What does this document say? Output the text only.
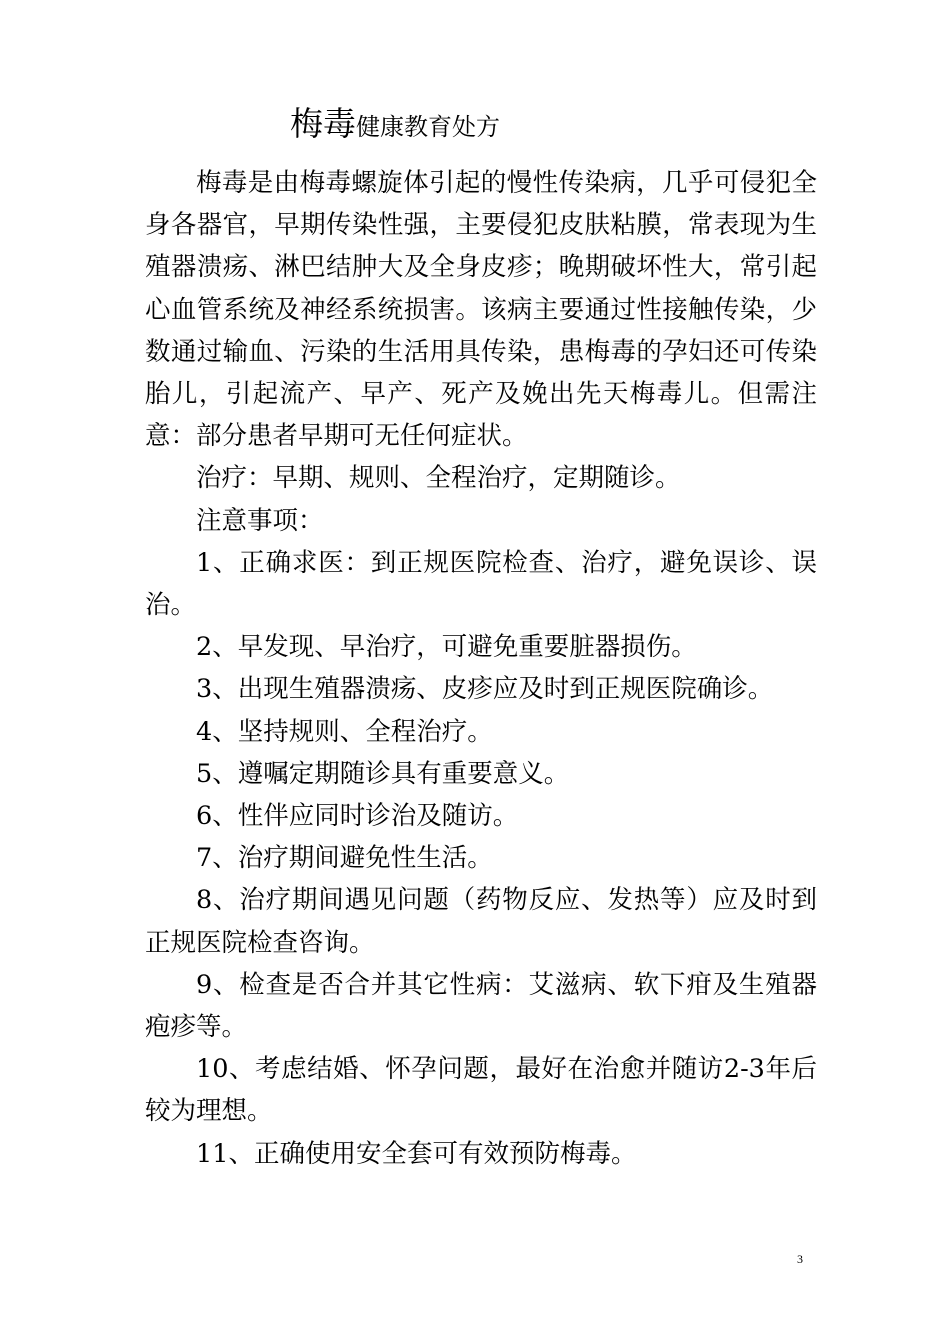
梅毒健康教育处方

梅毒是由梅毒螺旋体引起的慢性传染病，几乎可侵犯全身各器官，早期传染性强，主要侵犯皮肤粘膜，常表现为生殖器溃疡、淋巴结肿大及全身皮疹；晚期破坏性大，常引起心血管系统及神经系统损害。该病主要通过性接触传染，少数通过输血、污染的生活用具传染，患梅毒的孕妇还可传染胎儿，引起流产、早产、死产及娩出先天梅毒儿。但需注意：部分患者早期可无任何症状。

治疗：早期、规则、全程治疗，定期随诊。

注意事项：

1、正确求医：到正规医院检查、治疗，避免误诊、误治。

2、早发现、早治疗，可避免重要脏器损伤。

3、出现生殖器溃疡、皮疹应及时到正规医院确诊。

4、坚持规则、全程治疗。

5、遵嘱定期随诊具有重要意义。

6、性伴应同时诊治及随访。

7、治疗期间避免性生活。

8、治疗期间遇见问题（药物反应、发热等）应及时到正规医院检查咨询。

9、检查是否合并其它性病：艾滋病、软下疳及生殖器疱疹等。

10、考虑结婚、怀孕问题，最好在治愈并随访2-3年后较为理想。

11、正确使用安全套可有效预防梅毒。

3
